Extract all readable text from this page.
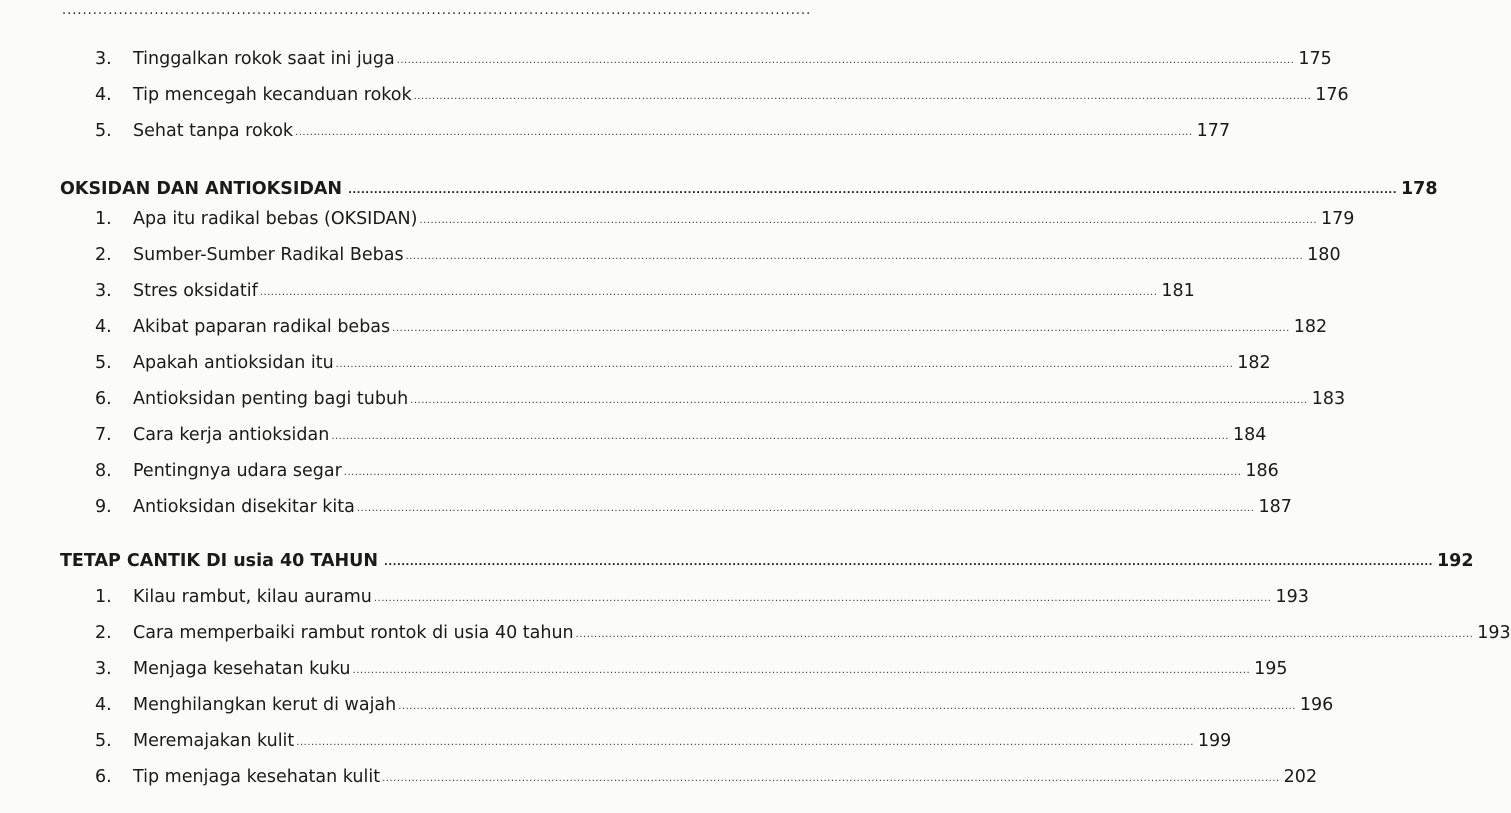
..................................................................................................................................................
3.	Tinggalkan rokok saat ini juga .................................................................................................................................................................................................................................................... 175
4.	Tip mencegah kecanduan rokok .................................................................................................................................................................................................................................................... 176
5.	Sehat tanpa rokok .................................................................................................................................................................................................................................................... 177
OKSIDAN DAN ANTIOKSIDAN .................................................................................................................................................................................................................................................... 178
1.	Apa itu radikal bebas (OKSIDAN) .................................................................................................................................................................................................................................................... 179
2.	Sumber-Sumber Radikal Bebas .................................................................................................................................................................................................................................................... 180
3.	Stres oksidatif .................................................................................................................................................................................................................................................... 181
4.	Akibat paparan radikal bebas .................................................................................................................................................................................................................................................... 182
5.	Apakah antioksidan itu .................................................................................................................................................................................................................................................... 182
6.	Antioksidan penting bagi tubuh .................................................................................................................................................................................................................................................... 183
7.	Cara kerja antioksidan .................................................................................................................................................................................................................................................... 184
8.	Pentingnya udara segar .................................................................................................................................................................................................................................................... 186
9.	Antioksidan disekitar kita .................................................................................................................................................................................................................................................... 187
TETAP CANTIK DI usia 40 TAHUN .................................................................................................................................................................................................................................................... 192
1.	Kilau rambut, kilau auramu .................................................................................................................................................................................................................................................... 193
2.	Cara memperbaiki rambut rontok di usia 40 tahun .................................................................................................................................................................................................................................................... 193
3.	Menjaga kesehatan kuku .................................................................................................................................................................................................................................................... 195
4.	Menghilangkan kerut di wajah .................................................................................................................................................................................................................................................... 196
5.	Meremajakan kulit .................................................................................................................................................................................................................................................... 199
6.	Tip menjaga kesehatan kulit .................................................................................................................................................................................................................................................... 202
